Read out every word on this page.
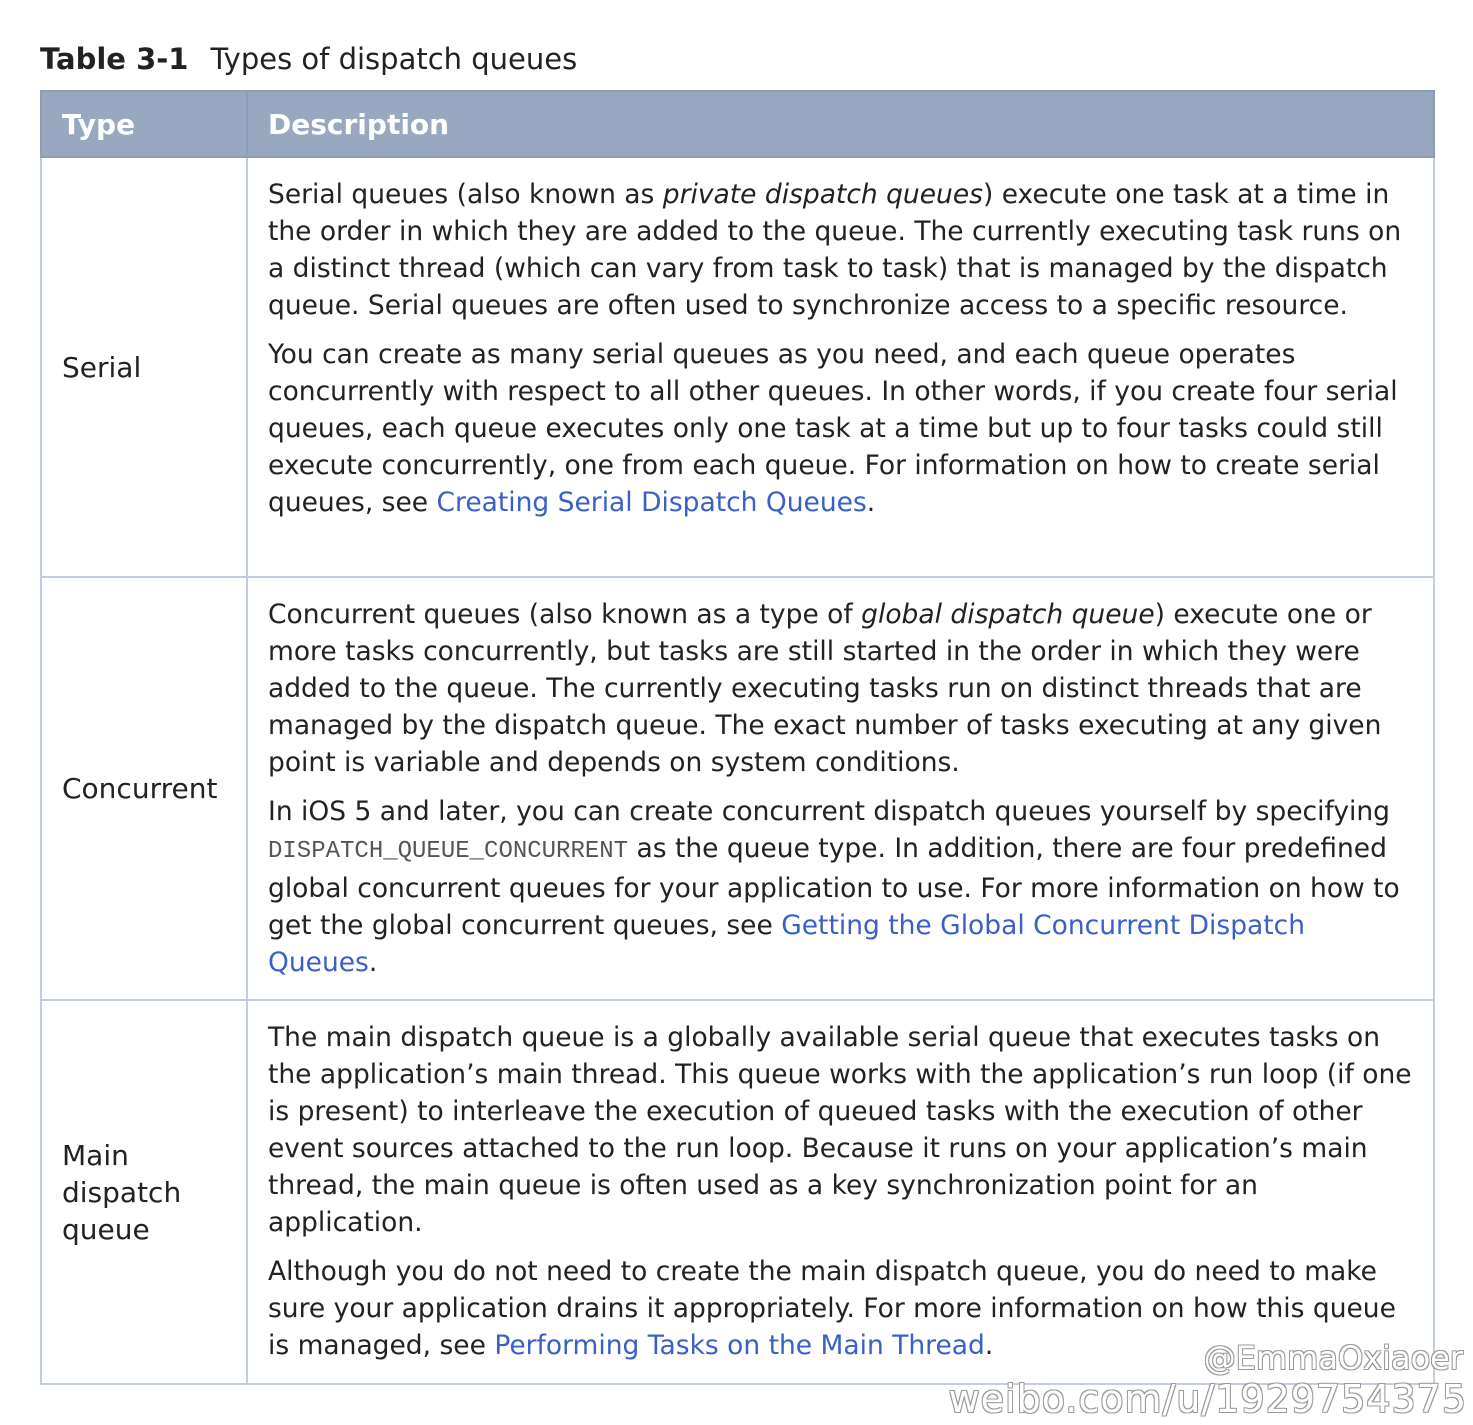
Table 3-1 Types of dispatch queues
Type	Description
Serial	Serial queues (also known as private dispatch queues) execute one task at a time in the order in which they are added to the queue. The currently executing task runs on a distinct thread (which can vary from task to task) that is managed by the dispatch queue. Serial queues are often used to synchronize access to a specific resource.

You can create as many serial queues as you need, and each queue operates concurrently with respect to all other queues. In other words, if you create four serial queues, each queue executes only one task at a time but up to four tasks could still execute concurrently, one from each queue. For information on how to create serial queues, see Creating Serial Dispatch Queues.

Concurrent	Concurrent queues (also known as a type of global dispatch queue) execute one or more tasks concurrently, but tasks are still started in the order in which they were added to the queue. The currently executing tasks run on distinct threads that are managed by the dispatch queue. The exact number of tasks executing at any given point is variable and depends on system conditions.

In iOS 5 and later, you can create concurrent dispatch queues yourself by specifying DISPATCH_QUEUE_CONCURRENT as the queue type. In addition, there are four predefined global concurrent queues for your application to use. For more information on how to get the global concurrent queues, see Getting the Global Concurrent Dispatch Queues.

Main dispatch queue	The main dispatch queue is a globally available serial queue that executes tasks on the application’s main thread. This queue works with the application’s run loop (if one is present) to interleave the execution of queued tasks with the execution of other event sources attached to the run loop. Because it runs on your application’s main thread, the main queue is often used as a key synchronization point for an application.

Although you do not need to create the main dispatch queue, you do need to make sure your application drains it appropriately. For more information on how this queue is managed, see Performing Tasks on the Main Thread.	@EmmaOxiaoer
weibo.com/u/1929754375
